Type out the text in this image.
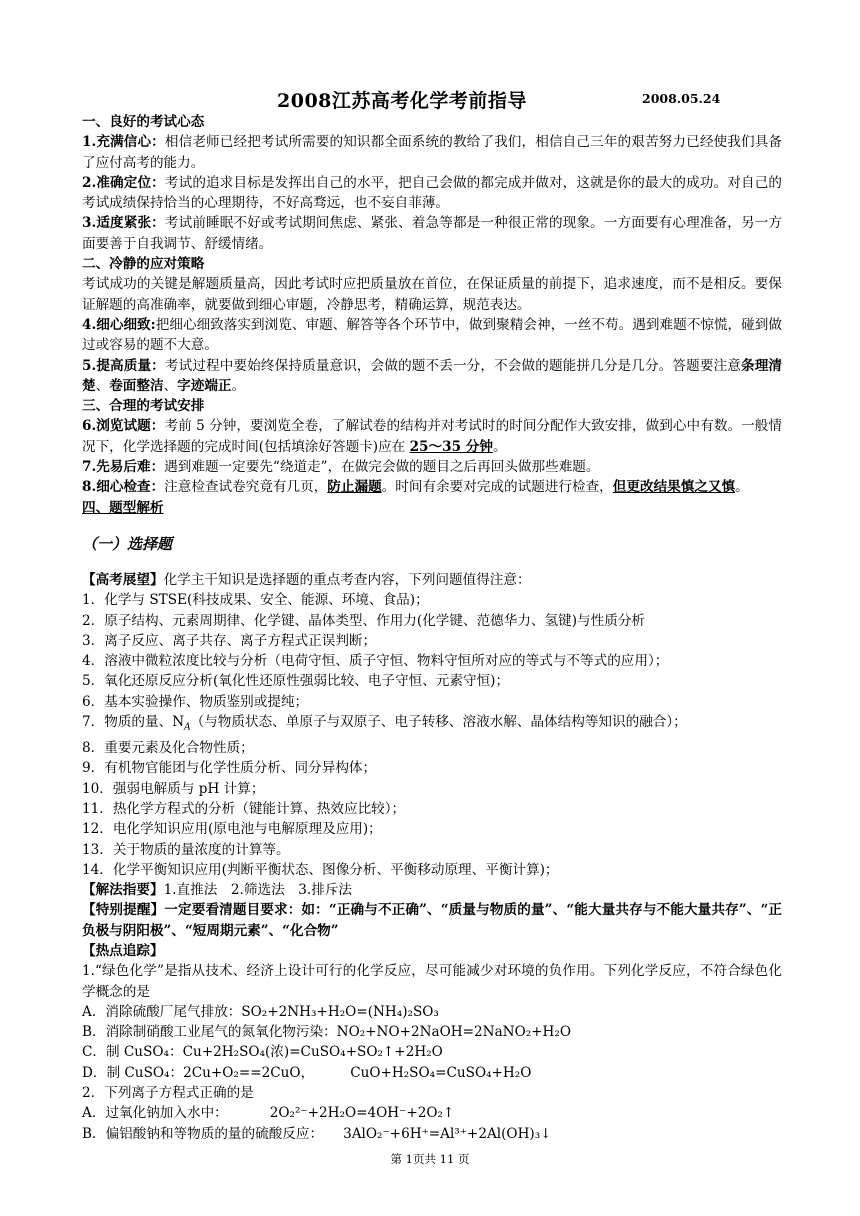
2008江苏高考化学考前指导	2008.05.24

一、良好的考试心态

1.充满信心：相信老师已经把考试所需要的知识都全面系统的教给了我们，相信自己三年的艰苦努力已经使我们具备了应付高考的能力。

2.准确定位：考试的追求目标是发挥出自己的水平，把自己会做的都完成并做对，这就是你的最大的成功。对自己的考试成绩保持恰当的心理期待，不好高骛远，也不妄自菲薄。

3.适度紧张：考试前睡眠不好或考试期间焦虑、紧张、着急等都是一种很正常的现象。一方面要有心理准备，另一方面要善于自我调节、舒缓情绪。

二、冷静的应对策略

考试成功的关键是解题质量高，因此考试时应把质量放在首位，在保证质量的前提下，追求速度，而不是相反。要保证解题的高准确率，就要做到细心审题，冷静思考，精确运算，规范表达。

4.细心细致:把细心细致落实到浏览、审题、解答等各个环节中，做到聚精会神，一丝不苟。遇到难题不惊慌，碰到做过或容易的题不大意。

5.提高质量：考试过程中要始终保持质量意识，会做的题不丢一分，不会做的题能拼几分是几分。答题要注意条理清楚、卷面整洁、字迹端正。

三、合理的考试安排

6.浏览试题：考前 5 分钟，要浏览全卷，了解试卷的结构并对考试时的时间分配作大致安排，做到心中有数。一般情况下，化学选择题的完成时间(包括填涂好答题卡)应在 25～35 分钟。

7.先易后难：遇到难题一定要先“绕道走”，在做完会做的题目之后再回头做那些难题。

8.细心检查：注意检查试卷究竟有几页，防止漏题。时间有余要对完成的试题进行检查，但更改结果慎之又慎。

四、题型解析

（一）选择题

【高考展望】化学主干知识是选择题的重点考查内容，下列问题值得注意：

1．化学与 STSE(科技成果、安全、能源、环境、食品)；

2．原子结构、元素周期律、化学键、晶体类型、作用力(化学键、范德华力、氢键)与性质分析

3．离子反应、离子共存、离子方程式正误判断；

4．溶液中微粒浓度比较与分析（电荷守恒、质子守恒、物料守恒所对应的等式与不等式的应用）；

5．氧化还原反应分析(氧化性还原性强弱比较、电子守恒、元素守恒)；

6．基本实验操作、物质鉴别或提纯；

7．物质的量、$N_A$（与物质状态、单原子与双原子、电子转移、溶液水解、晶体结构等知识的融合）；

8．重要元素及化合物性质；

9．有机物官能团与化学性质分析、同分异构体；

10．强弱电解质与 pH 计算；

11．热化学方程式的分析（键能计算、热效应比较）；

12．电化学知识应用(原电池与电解原理及应用)；

13．关于物质的量浓度的计算等。

14．化学平衡知识应用(判断平衡状态、图像分析、平衡移动原理、平衡计算)；

【解法指要】1.直推法　2.筛选法　3.排斥法

【特别提醒】一定要看清题目要求：如：“正确与不正确”、“质量与物质的量”、“能大量共存与不能大量共存”、“正负极与阴阳极”、“短周期元素”、“化合物”

【热点追踪】

1.“绿色化学”是指从技术、经济上设计可行的化学反应，尽可能减少对环境的负作用。下列化学反应，不符合绿色化学概念的是

A．消除硫酸厂尾气排放：SO₂+2NH₃+H₂O=(NH₄)₂SO₃

B．消除制硝酸工业尾气的氮氧化物污染：NO₂+NO+2NaOH=2NaNO₂+H₂O

C．制 CuSO₄：Cu+2H₂SO₄(浓)=CuSO₄+SO₂↑+2H₂O

D．制 CuSO₄：2Cu+O₂==2CuO，	CuO+H₂SO₄=CuSO₄+H₂O

2．下列离子方程式正确的是

A．过氧化钠加入水中：	2O₂²⁻+2H₂O=4OH⁻+2O₂↑

B．偏铝酸钠和等物质的量的硫酸反应： 3AlO₂⁻+6H⁺=Al³⁺+2Al(OH)₃↓

第 1页共 11 页
